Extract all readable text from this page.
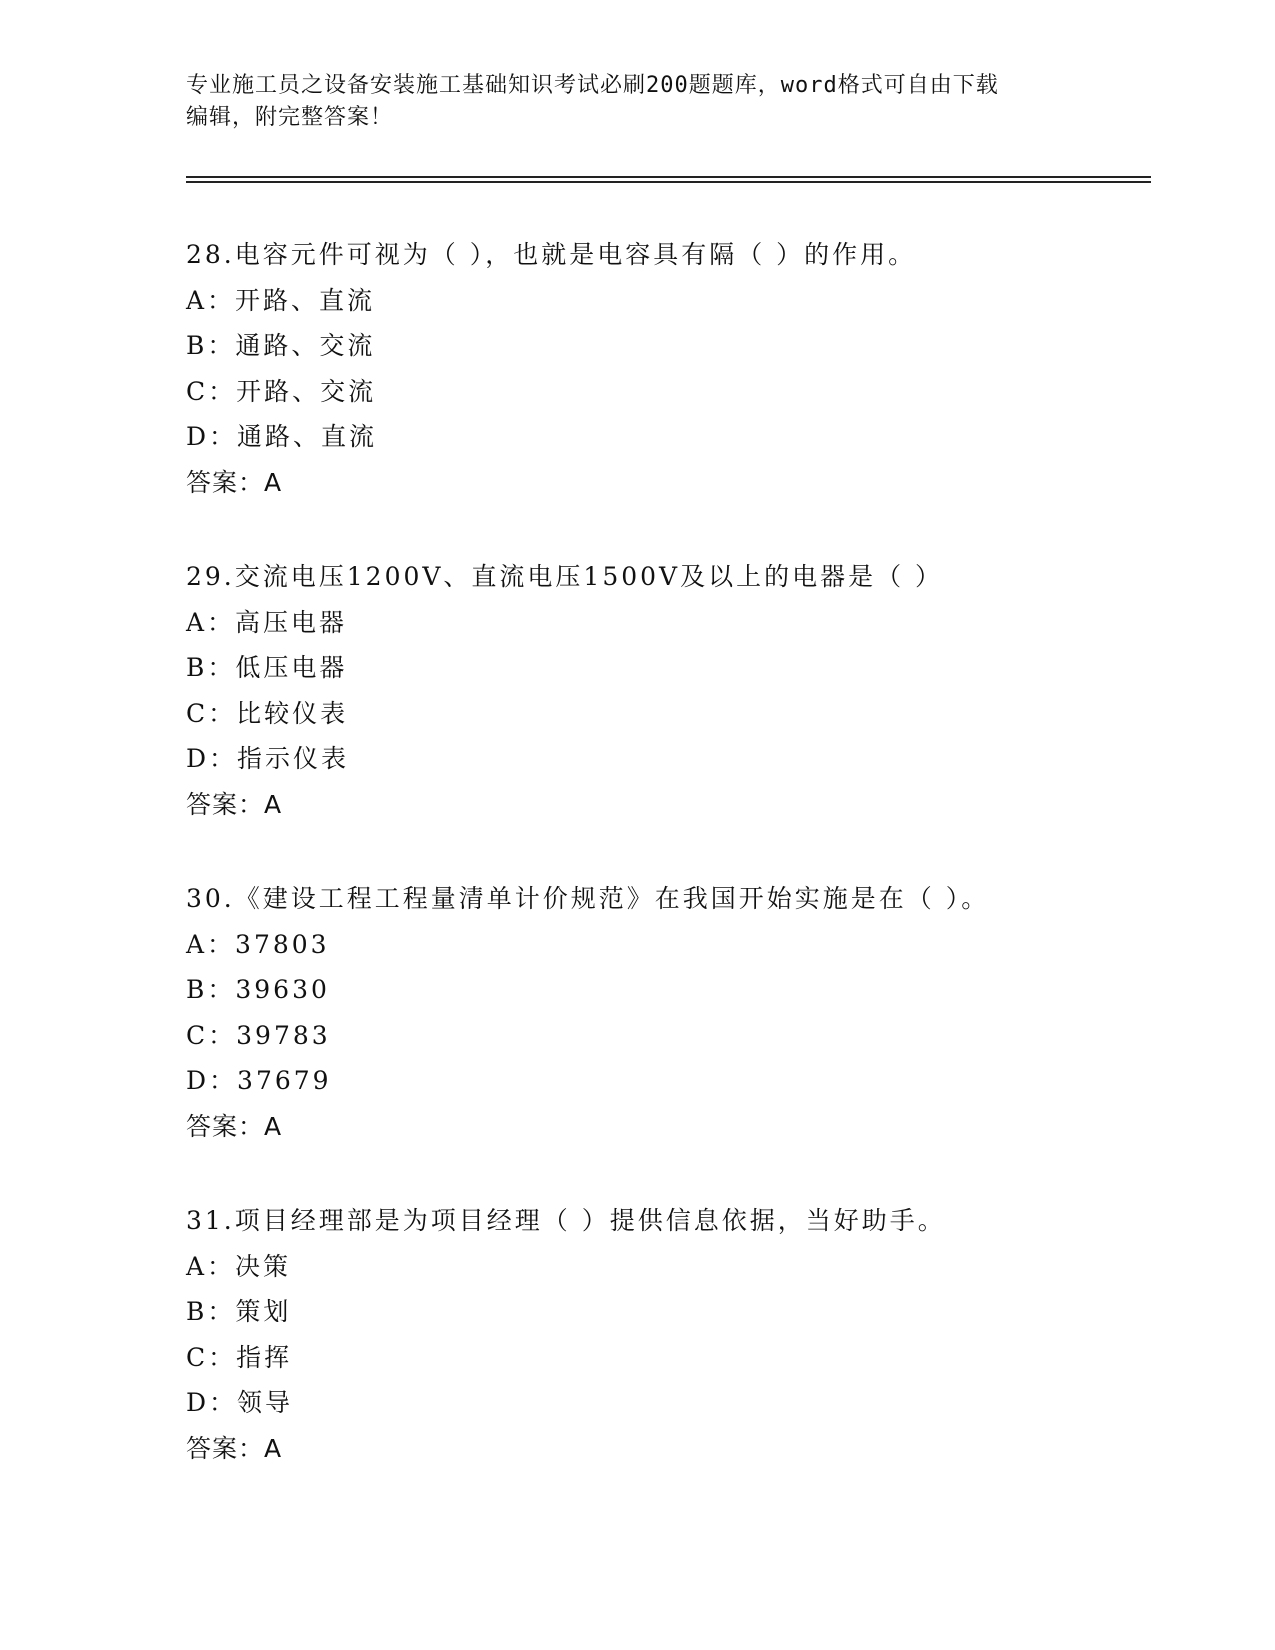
专业施工员之设备安装施工基础知识考试必刷200题题库，word格式可自由下载
编辑，附完整答案！
28.电容元件可视为（ ），也就是电容具有隔（ ）的作用。
A：开路、直流
B：通路、交流
C：开路、交流
D：通路、直流
答案：A
29.交流电压1200V、直流电压1500V及以上的电器是（ ）
A：高压电器
B：低压电器
C：比较仪表
D：指示仪表
答案：A
30.《建设工程工程量清单计价规范》在我国开始实施是在（ ）。
A：37803
B：39630
C：39783
D：37679
答案：A
31.项目经理部是为项目经理（ ）提供信息依据，当好助手。
A：决策
B：策划
C：指挥
D：领导
答案：A
